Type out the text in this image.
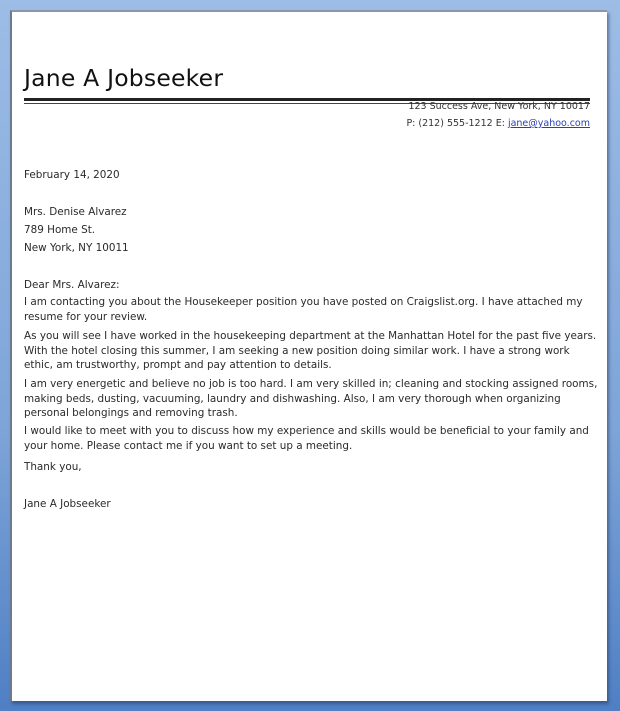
Jane A Jobseeker
123 Success Ave, New York, NY 10017
P: (212) 555-1212 E: jane@yahoo.com
February 14, 2020
Mrs. Denise Alvarez
789 Home St.
New York, NY 10011
Dear Mrs. Alvarez:

I am contacting you about the Housekeeper position you have posted on Craigslist.org. I have attached my resume for your review.

As you will see I have worked in the housekeeping department at the Manhattan Hotel for the past five years. With the hotel closing this summer, I am seeking a new position doing similar work. I have a strong work ethic, am trustworthy, prompt and pay attention to details.

I am very energetic and believe no job is too hard. I am very skilled in; cleaning and stocking assigned rooms, making beds, dusting, vacuuming, laundry and dishwashing. Also, I am very thorough when organizing personal belongings and removing trash.

I would like to meet with you to discuss how my experience and skills would be beneficial to your family and your home. Please contact me if you want to set up a meeting.

Thank you,
Jane A Jobseeker
